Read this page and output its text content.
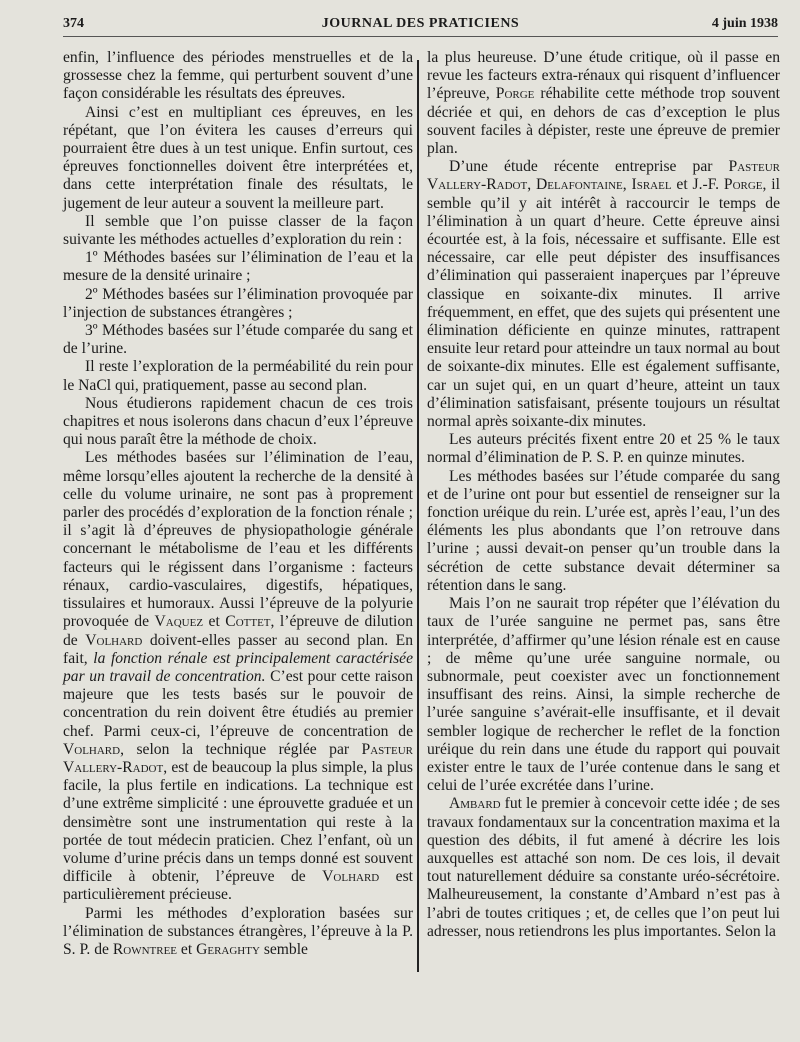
374	JOURNAL DES PRATICIENS	4 juin 1938

enfin, l’influence des périodes menstruelles et de la grossesse chez la femme, qui perturbent souvent d’une façon considérable les résultats des épreuves.

Ainsi c’est en multipliant ces épreuves, en les répétant, que l’on évitera les causes d’erreurs qui pourraient être dues à un test unique. Enfin surtout, ces épreuves fonctionnelles doivent être interprétées et, dans cette interprétation finale des résultats, le jugement de leur auteur a souvent la meilleure part.

Il semble que l’on puisse classer de la façon suivante les méthodes actuelles d’exploration du rein :

1º Méthodes basées sur l’élimination de l’eau et la mesure de la densité urinaire ;

2º Méthodes basées sur l’élimination provoquée par l’injection de substances étrangères ;

3º Méthodes basées sur l’étude comparée du sang et de l’urine.

Il reste l’exploration de la perméabilité du rein pour le NaCl qui, pratiquement, passe au second plan.

Nous étudierons rapidement chacun de ces trois chapitres et nous isolerons dans chacun d’eux l’épreuve qui nous paraît être la méthode de choix.

Les méthodes basées sur l’élimination de l’eau, même lorsqu’elles ajoutent la recherche de la densité à celle du volume urinaire, ne sont pas à proprement parler des procédés d’exploration de la fonction rénale ; il s’agit là d’épreuves de physiopathologie générale concernant le métabolisme de l’eau et les différents facteurs qui le régissent dans l’organisme : facteurs rénaux, cardio-vasculaires, digestifs, hépatiques, tissulaires et humoraux. Aussi l’épreuve de la polyurie provoquée de Vaquez et Cottet, l’épreuve de dilution de Volhard doivent-elles passer au second plan. En fait, la fonction rénale est principalement caractérisée par un travail de concentration. C’est pour cette raison majeure que les tests basés sur le pouvoir de concentration du rein doivent être étudiés au premier chef. Parmi ceux-ci, l’épreuve de concentration de Volhard, selon la technique réglée par Pasteur Vallery-Radot, est de beaucoup la plus simple, la plus facile, la plus fertile en indications. La technique est d’une extrême simplicité : une éprouvette graduée et un densimètre sont une instrumentation qui reste à la portée de tout médecin praticien. Chez l’enfant, où un volume d’urine précis dans un temps donné est souvent difficile à obtenir, l’épreuve de Volhard est particulièrement précieuse.

Parmi les méthodes d’exploration basées sur l’élimination de substances étrangères, l’épreuve à la P. S. P. de Rowntree et Geraghty semble

la plus heureuse. D’une étude critique, où il passe en revue les facteurs extra-rénaux qui risquent d’influencer l’épreuve, Porge réhabilite cette méthode trop souvent décriée et qui, en dehors de cas d’exception le plus souvent faciles à dépister, reste une épreuve de premier plan.

D’une étude récente entreprise par Pasteur Vallery-Radot, Delafontaine, Israel et J.-F. Porge, il semble qu’il y ait intérêt à raccourcir le temps de l’élimination à un quart d’heure. Cette épreuve ainsi écourtée est, à la fois, nécessaire et suffisante. Elle est nécessaire, car elle peut dépister des insuffisances d’élimination qui passeraient inaperçues par l’épreuve classique en soixante-dix minutes. Il arrive fréquemment, en effet, que des sujets qui présentent une élimination déficiente en quinze minutes, rattrapent ensuite leur retard pour atteindre un taux normal au bout de soixante-dix minutes. Elle est également suffisante, car un sujet qui, en un quart d’heure, atteint un taux d’élimination satisfaisant, présente toujours un résultat normal après soixante-dix minutes.

Les auteurs précités fixent entre 20 et 25 % le taux normal d’élimination de P. S. P. en quinze minutes.

Les méthodes basées sur l’étude comparée du sang et de l’urine ont pour but essentiel de renseigner sur la fonction uréique du rein. L’urée est, après l’eau, l’un des éléments les plus abondants que l’on retrouve dans l’urine ; aussi devait-on penser qu’un trouble dans la sécrétion de cette substance devait déterminer sa rétention dans le sang.

Mais l’on ne saurait trop répéter que l’élévation du taux de l’urée sanguine ne permet pas, sans être interprétée, d’affirmer qu’une lésion rénale est en cause ; de même qu’une urée sanguine normale, ou subnormale, peut coexister avec un fonctionnement insuffisant des reins. Ainsi, la simple recherche de l’urée sanguine s’avérait-elle insuffisante, et il devait sembler logique de rechercher le reflet de la fonction uréique du rein dans une étude du rapport qui pouvait exister entre le taux de l’urée contenue dans le sang et celui de l’urée excrétée dans l’urine.

Ambard fut le premier à concevoir cette idée ; de ses travaux fondamentaux sur la concentration maxima et la question des débits, il fut amené à décrire les lois auxquelles est attaché son nom. De ces lois, il devait tout naturellement déduire sa constante uréo-sécrétoire. Malheureusement, la constante d’Ambard n’est pas à l’abri de toutes critiques ; et, de celles que l’on peut lui adresser, nous retiendrons les plus importantes. Selon la
